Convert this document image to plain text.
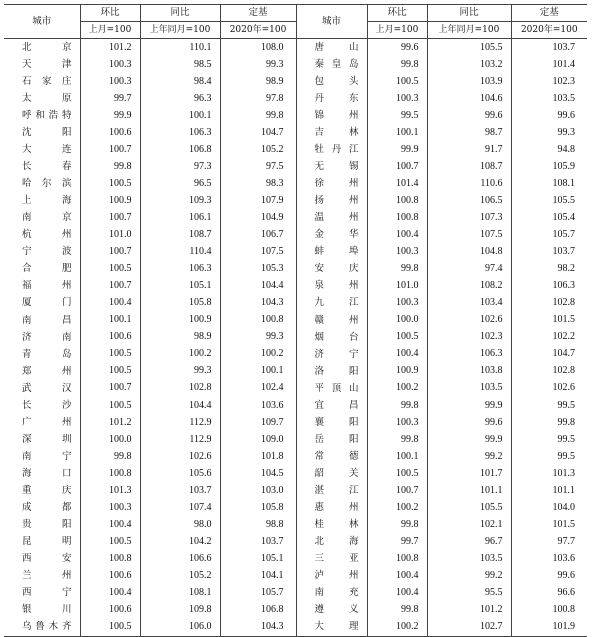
城市	环比	同比	定基	城市	环比	同比	定基
	上月=100	上年同月=100	2020年=100		上月=100	上年同月=100	2020年=100
北京	101.2	110.1	108.0	唐山	99.6	105.5	103.7
天津	100.3	98.5	99.3	秦皇岛	99.8	103.2	101.4
石家庄	100.3	98.4	98.9	包头	100.5	103.9	102.3
太原	99.7	96.3	97.8	丹东	100.3	104.6	103.5
呼和浩特	99.9	100.1	99.8	锦州	99.5	99.6	99.6
沈阳	100.6	106.3	104.7	吉林	100.1	98.7	99.3
大连	100.7	106.8	105.2	牡丹江	99.9	91.7	94.8
长春	99.8	97.3	97.5	无锡	100.7	108.7	105.9
哈尔滨	100.5	96.5	98.3	徐州	101.4	110.6	108.1
上海	100.9	109.3	107.9	扬州	100.8	106.5	105.5
南京	100.7	106.1	104.9	温州	100.8	107.3	105.4
杭州	101.0	108.7	106.7	金华	100.4	107.5	105.7
宁波	100.7	110.4	107.5	蚌埠	100.3	104.8	103.7
合肥	100.5	106.3	105.3	安庆	99.8	97.4	98.2
福州	100.7	105.1	104.4	泉州	101.0	108.2	106.3
厦门	100.4	105.8	104.3	九江	100.3	103.4	102.8
南昌	100.1	100.9	100.8	赣州	100.0	102.6	101.5
济南	100.6	98.9	99.3	烟台	100.5	102.3	102.2
青岛	100.5	100.2	100.2	济宁	100.4	106.3	104.7
郑州	100.5	99.3	100.1	洛阳	100.9	103.8	102.8
武汉	100.7	102.8	102.4	平顶山	100.2	103.5	102.6
长沙	100.5	104.4	103.6	宜昌	99.8	99.9	99.5
广州	101.2	112.9	109.7	襄阳	100.3	99.6	99.8
深圳	100.0	112.9	109.0	岳阳	99.8	99.9	99.5
南宁	99.8	102.6	101.8	常德	100.1	99.2	99.5
海口	100.8	105.6	104.5	韶关	100.5	101.7	101.3
重庆	101.3	103.7	103.0	湛江	100.7	101.1	101.1
成都	100.3	107.4	105.8	惠州	100.2	105.5	104.0
贵阳	100.4	98.0	98.8	桂林	99.8	102.1	101.5
昆明	100.5	104.2	103.7	北海	99.7	96.7	97.7
西安	100.8	106.6	105.1	三亚	100.8	103.5	103.6
兰州	100.6	105.2	104.1	泸州	100.4	99.2	99.6
西宁	100.4	108.1	105.7	南充	100.4	95.5	96.6
银川	100.6	109.8	106.8	遵义	99.8	101.2	100.8
乌鲁木齐	100.5	106.0	104.3	大理	100.2	102.7	101.9
